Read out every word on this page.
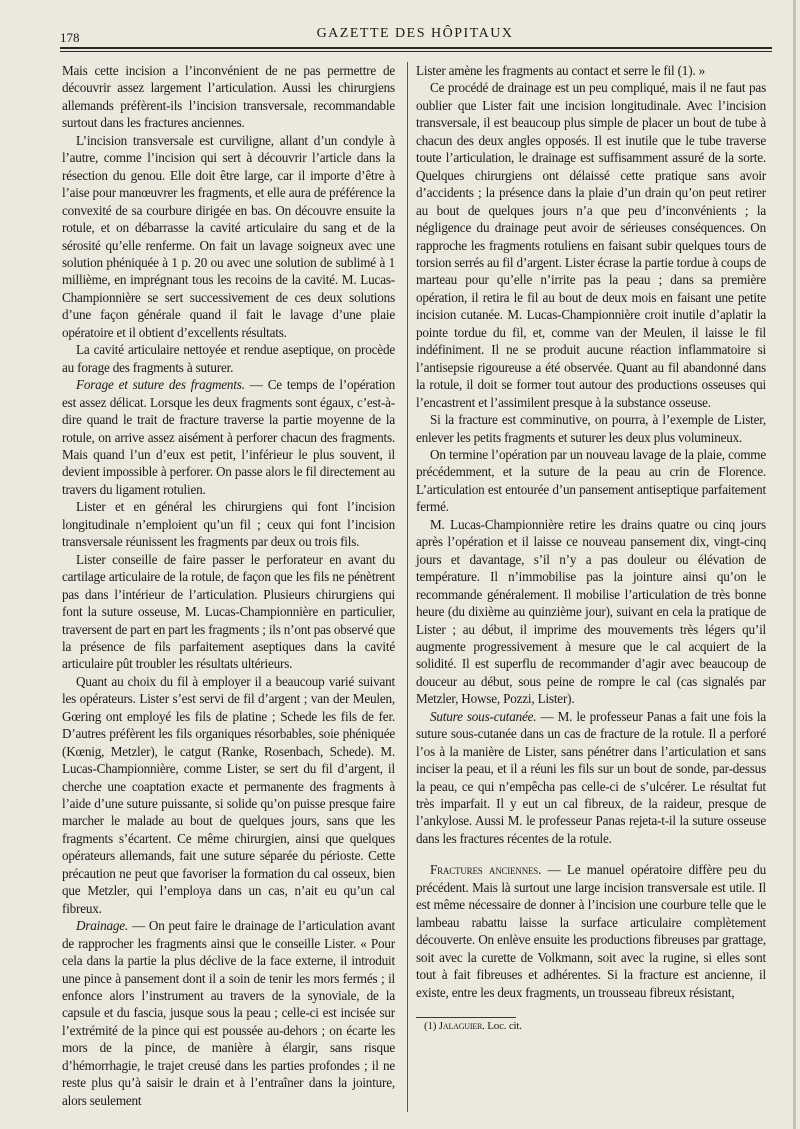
178	GAZETTE DES HÔPITAUX

Mais cette incision a l’inconvénient de ne pas permettre de découvrir assez largement l’articulation. Aussi les chirurgiens allemands préfèrent-ils l’incision transversale, recommandable surtout dans les fractures anciennes.

L’incision transversale est curviligne, allant d’un condyle à l’autre, comme l’incision qui sert à découvrir l’article dans la résection du genou. Elle doit être large, car il importe d’être à l’aise pour manœuvrer les fragments, et elle aura de préférence la convexité de sa courbure dirigée en bas. On découvre ensuite la rotule, et on débarrasse la cavité articulaire du sang et de la sérosité qu’elle renferme. On fait un lavage soigneux avec une solution phéniquée à 1 p. 20 ou avec une solution de sublimé à 1 millième, en imprégnant tous les recoins de la cavité. M. Lucas-Championnière se sert successivement de ces deux solutions d’une façon générale quand il fait le lavage d’une plaie opératoire et il obtient d’excellents résultats.

La cavité articulaire nettoyée et rendue aseptique, on procède au forage des fragments à suturer.

Forage et suture des fragments. — Ce temps de l’opération est assez délicat. Lorsque les deux fragments sont égaux, c’est-à-dire quand le trait de fracture traverse la partie moyenne de la rotule, on arrive assez aisément à perforer chacun des fragments. Mais quand l’un d’eux est petit, l’inférieur le plus souvent, il devient impossible à perforer. On passe alors le fil directement au travers du ligament rotulien.

Lister et en général les chirurgiens qui font l’incision longitudinale n’emploient qu’un fil ; ceux qui font l’incision transversale réunissent les fragments par deux ou trois fils.

Lister conseille de faire passer le perforateur en avant du cartilage articulaire de la rotule, de façon que les fils ne pénètrent pas dans l’intérieur de l’articulation. Plusieurs chirurgiens qui font la suture osseuse, M. Lucas-Championnière en particulier, traversent de part en part les fragments ; ils n’ont pas observé que la présence de fils parfaitement aseptiques dans la cavité articulaire pût troubler les résultats ultérieurs.

Quant au choix du fil à employer il a beaucoup varié suivant les opérateurs. Lister s’est servi de fil d’argent ; van der Meulen, Gœring ont employé les fils de platine ; Schede les fils de fer. D’autres préfèrent les fils organiques résorbables, soie phéniquée (Kœnig, Metzler), le catgut (Ranke, Rosenbach, Schede). M. Lucas-Championnière, comme Lister, se sert du fil d’argent, il cherche une coaptation exacte et permanente des fragments à l’aide d’une suture puissante, si solide qu’on puisse presque faire marcher le malade au bout de quelques jours, sans que les fragments s’écartent. Ce même chirurgien, ainsi que quelques opérateurs allemands, fait une suture séparée du périoste. Cette précaution ne peut que favoriser la formation du cal osseux, bien que Metzler, qui l’employa dans un cas, n’ait eu qu’un cal fibreux.

Drainage. — On peut faire le drainage de l’articulation avant de rapprocher les fragments ainsi que le conseille Lister. « Pour cela dans la partie la plus déclive de la face externe, il introduit une pince à pansement dont il a soin de tenir les mors fermés ; il enfonce alors l’instrument au travers de la synoviale, de la capsule et du fascia, jusque sous la peau ; celle-ci est incisée sur l’extrémité de la pince qui est poussée au-dehors ; on écarte les mors de la pince, de manière à élargir, sans risque d’hémorrhagie, le trajet creusé dans les parties profondes ; il ne reste plus qu’à saisir le drain et à l’entraîner dans la jointure, alors seulement

Lister amène les fragments au contact et serre le fil (1). »

Ce procédé de drainage est un peu compliqué, mais il ne faut pas oublier que Lister fait une incision longitudinale. Avec l’incision transversale, il est beaucoup plus simple de placer un bout de tube à chacun des deux angles opposés. Il est inutile que le tube traverse toute l’articulation, le drainage est suffisamment assuré de la sorte. Quelques chirurgiens ont délaissé cette pratique sans avoir d’accidents ; la présence dans la plaie d’un drain qu’on peut retirer au bout de quelques jours n’a que peu d’inconvénients ; la négligence du drainage peut avoir de sérieuses conséquences. On rapproche les fragments rotuliens en faisant subir quelques tours de torsion serrés au fil d’argent. Lister écrase la partie tordue à coups de marteau pour qu’elle n’irrite pas la peau ; dans sa première opération, il retira le fil au bout de deux mois en faisant une petite incision cutanée. M. Lucas-Championnière croit inutile d’aplatir la pointe tordue du fil, et, comme van der Meulen, il laisse le fil indéfiniment. Il ne se produit aucune réaction inflammatoire si l’antisepsie rigoureuse a été observée. Quant au fil abandonné dans la rotule, il doit se former tout autour des productions osseuses qui l’encastrent et l’assimilent presque à la substance osseuse.

Si la fracture est comminutive, on pourra, à l’exemple de Lister, enlever les petits fragments et suturer les deux plus volumineux.

On termine l’opération par un nouveau lavage de la plaie, comme précédemment, et la suture de la peau au crin de Florence. L’articulation est entourée d’un pansement antiseptique parfaitement fermé.

M. Lucas-Championnière retire les drains quatre ou cinq jours après l’opération et il laisse ce nouveau pansement dix, vingt-cinq jours et davantage, s’il n’y a pas douleur ou élévation de température. Il n’immobilise pas la jointure ainsi qu’on le recommande généralement. Il mobilise l’articulation de très bonne heure (du dixième au quinzième jour), suivant en cela la pratique de Lister ; au début, il imprime des mouvements très légers qu’il augmente progressivement à mesure que le cal acquiert de la solidité. Il est superflu de recommander d’agir avec beaucoup de douceur au début, sous peine de rompre le cal (cas signalés par Metzler, Howse, Pozzi, Lister).

Suture sous-cutanée. — M. le professeur Panas a fait une fois la suture sous-cutanée dans un cas de fracture de la rotule. Il a perforé l’os à la manière de Lister, sans pénétrer dans l’articulation et sans inciser la peau, et il a réuni les fils sur un bout de sonde, par-dessus la peau, ce qui n’empêcha pas celle-ci de s’ulcérer. Le résultat fut très imparfait. Il y eut un cal fibreux, de la raideur, presque de l’ankylose. Aussi M. le professeur Panas rejeta-t-il la suture osseuse dans les fractures récentes de la rotule.

Fractures anciennes. — Le manuel opératoire diffère peu du précédent. Mais là surtout une large incision transversale est utile. Il est même nécessaire de donner à l’incision une courbure telle que le lambeau rabattu laisse la surface articulaire complètement découverte. On enlève ensuite les productions fibreuses par grattage, soit avec la curette de Volkmann, soit avec la rugine, si elles sont tout à fait fibreuses et adhérentes. Si la fracture est ancienne, il existe, entre les deux fragments, un trousseau fibreux résistant,

(1) Jalaguier. Loc. cit.
